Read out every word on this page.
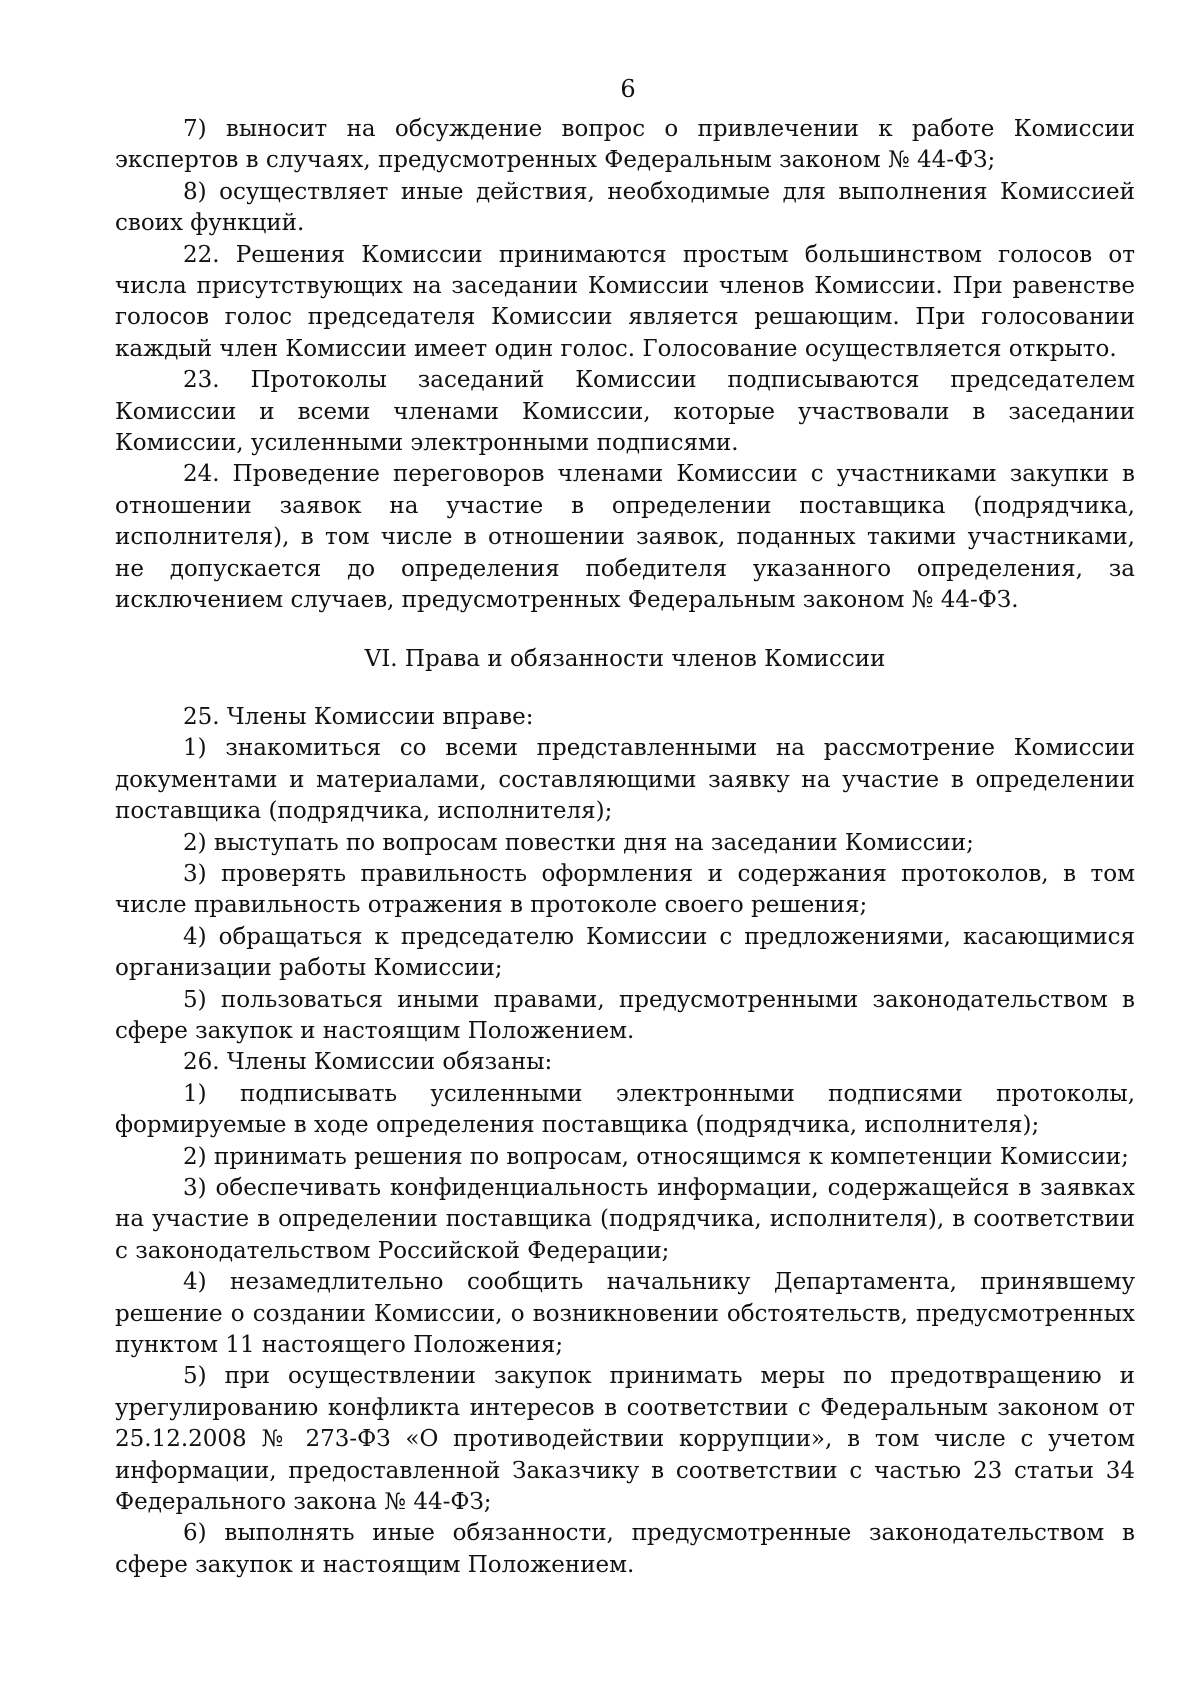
6

7) выносит на обсуждение вопрос о привлечении к работе Комиссии экспертов в случаях, предусмотренных Федеральным законом № 44-ФЗ;

8) осуществляет иные действия, необходимые для выполнения Комиссией своих функций.

22. Решения Комиссии принимаются простым большинством голосов от числа присутствующих на заседании Комиссии членов Комиссии. При равенстве голосов голос председателя Комиссии является решающим. При голосовании каждый член Комиссии имеет один голос. Голосование осуществляется открыто.

23. Протоколы заседаний Комиссии подписываются председателем Комиссии и всеми членами Комиссии, которые участвовали в заседании Комиссии, усиленными электронными подписями.

24. Проведение переговоров членами Комиссии с участниками закупки в отношении заявок на участие в определении поставщика (подрядчика, исполнителя), в том числе в отношении заявок, поданных такими участниками, не допускается до определения победителя указанного определения, за исключением случаев, предусмотренных Федеральным законом № 44-ФЗ.

VI. Права и обязанности членов Комиссии

25. Члены Комиссии вправе:

1) знакомиться со всеми представленными на рассмотрение Комиссии документами и материалами, составляющими заявку на участие в определении поставщика (подрядчика, исполнителя);

2) выступать по вопросам повестки дня на заседании Комиссии;

3) проверять правильность оформления и содержания протоколов, в том числе правильность отражения в протоколе своего решения;

4) обращаться к председателю Комиссии с предложениями, касающимися организации работы Комиссии;

5) пользоваться иными правами, предусмотренными законодательством в сфере закупок и настоящим Положением.

26. Члены Комиссии обязаны:

1) подписывать усиленными электронными подписями протоколы, формируемые в ходе определения поставщика (подрядчика, исполнителя);

2) принимать решения по вопросам, относящимся к компетенции Комиссии;

3) обеспечивать конфиденциальность информации, содержащейся в заявках на участие в определении поставщика (подрядчика, исполнителя), в соответствии с законодательством Российской Федерации;

4) незамедлительно сообщить начальнику Департамента, принявшему решение о создании Комиссии, о возникновении обстоятельств, предусмотренных пунктом 11 настоящего Положения;

5) при осуществлении закупок принимать меры по предотвращению и урегулированию конфликта интересов в соответствии с Федеральным законом от 25.12.2008 № 273-ФЗ «О противодействии коррупции», в том числе с учетом информации, предоставленной Заказчику в соответствии с частью 23 статьи 34 Федерального закона № 44-ФЗ;

6) выполнять иные обязанности, предусмотренные законодательством в сфере закупок и настоящим Положением.
